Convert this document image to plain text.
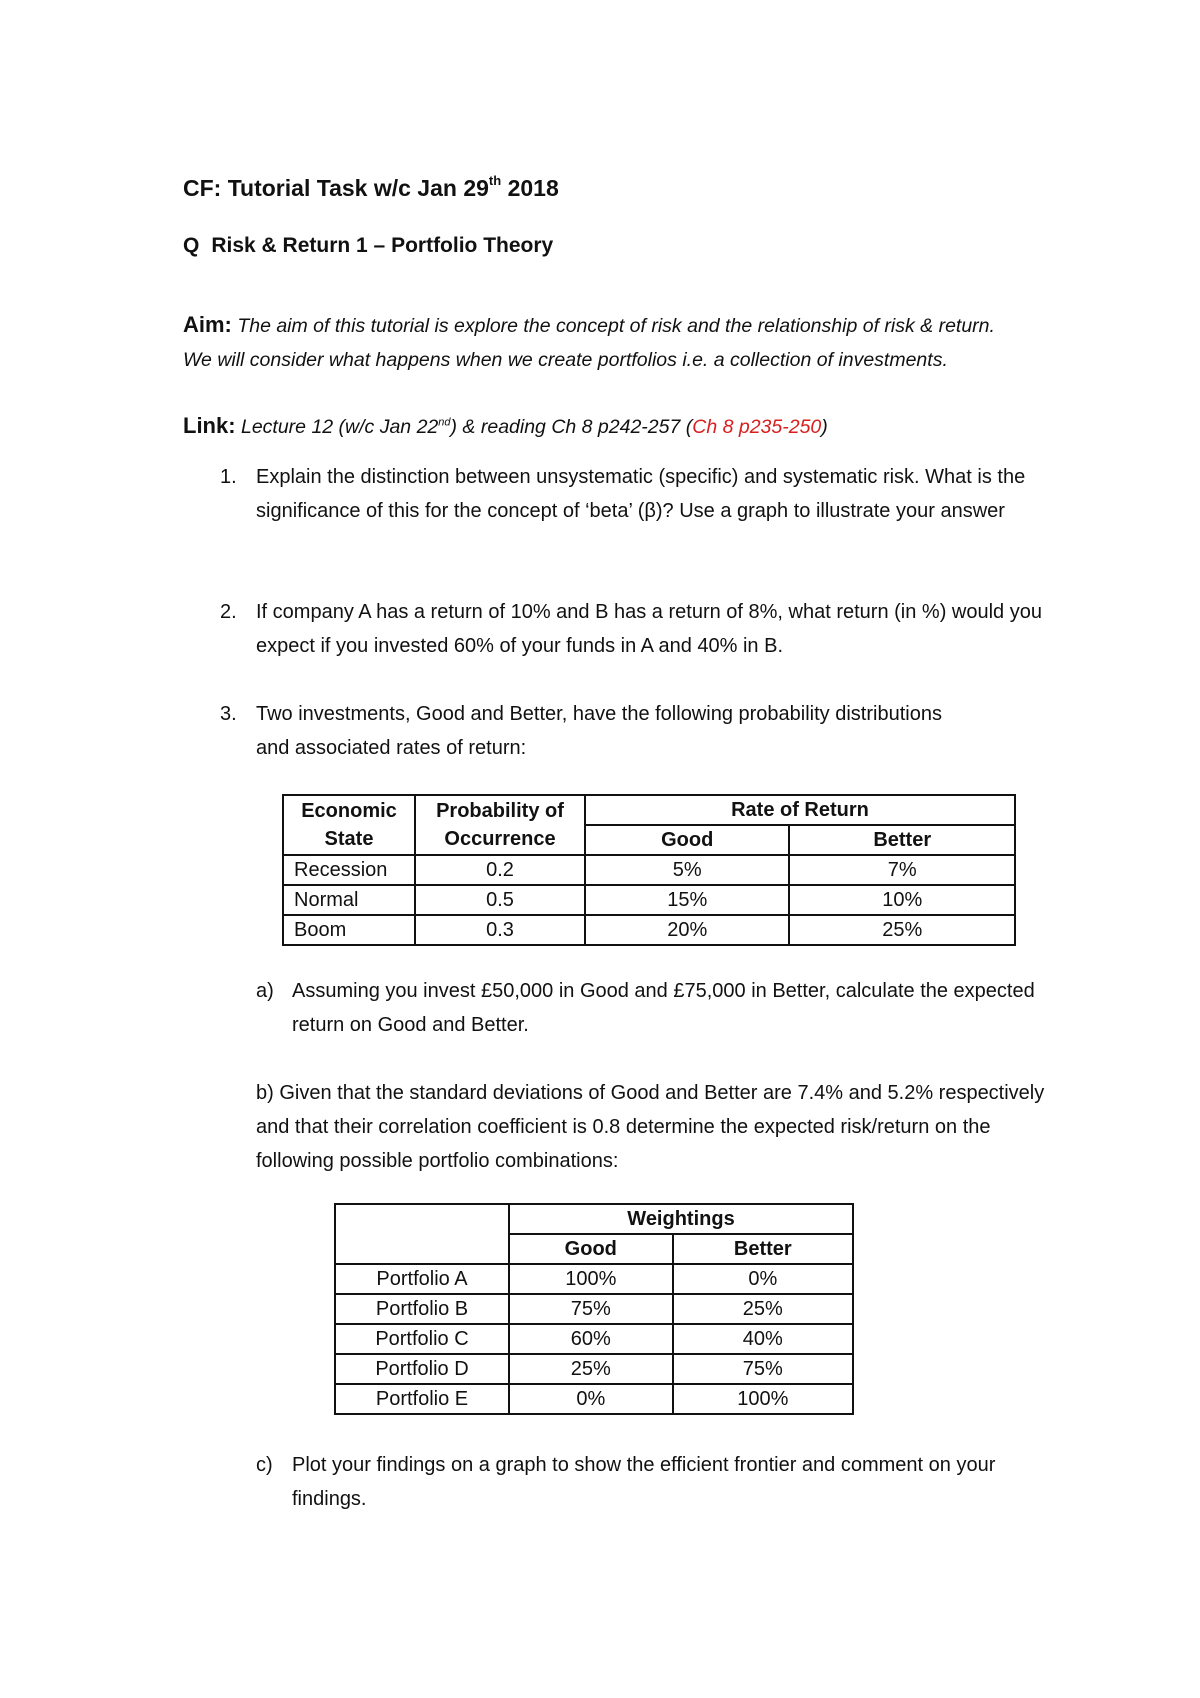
CF: Tutorial Task w/c Jan 29th 2018
Q Risk & Return 1 – Portfolio Theory
Aim: The aim of this tutorial is explore the concept of risk and the relationship of risk & return. We will consider what happens when we create portfolios i.e. a collection of investments.
Link: Lecture 12 (w/c Jan 22nd) & reading Ch 8 p242-257 (Ch 8 p235-250)
1. Explain the distinction between unsystematic (specific) and systematic risk. What is the significance of this for the concept of ‘beta’ (β)? Use a graph to illustrate your answer
2. If company A has a return of 10% and B has a return of 8%, what return (in %) would you expect if you invested 60% of your funds in A and 40% in B.
3. Two investments, Good and Better, have the following probability distributions and associated rates of return:
Economic State	Probability of Occurrence	Rate of Return	
		Good	Better
Recession	0.2	5%	7%
Normal	0.5	15%	10%
Boom	0.3	20%	25%
a) Assuming you invest £50,000 in Good and £75,000 in Better, calculate the expected return on Good and Better.
b) Given that the standard deviations of Good and Better are 7.4% and 5.2% respectively and that their correlation coefficient is 0.8 determine the expected risk/return on the following possible portfolio combinations:
	Weightings	
	Good	Better
Portfolio A	100%	0%
Portfolio B	75%	25%
Portfolio C	60%	40%
Portfolio D	25%	75%
Portfolio E	0%	100%
c) Plot your findings on a graph to show the efficient frontier and comment on your findings.
